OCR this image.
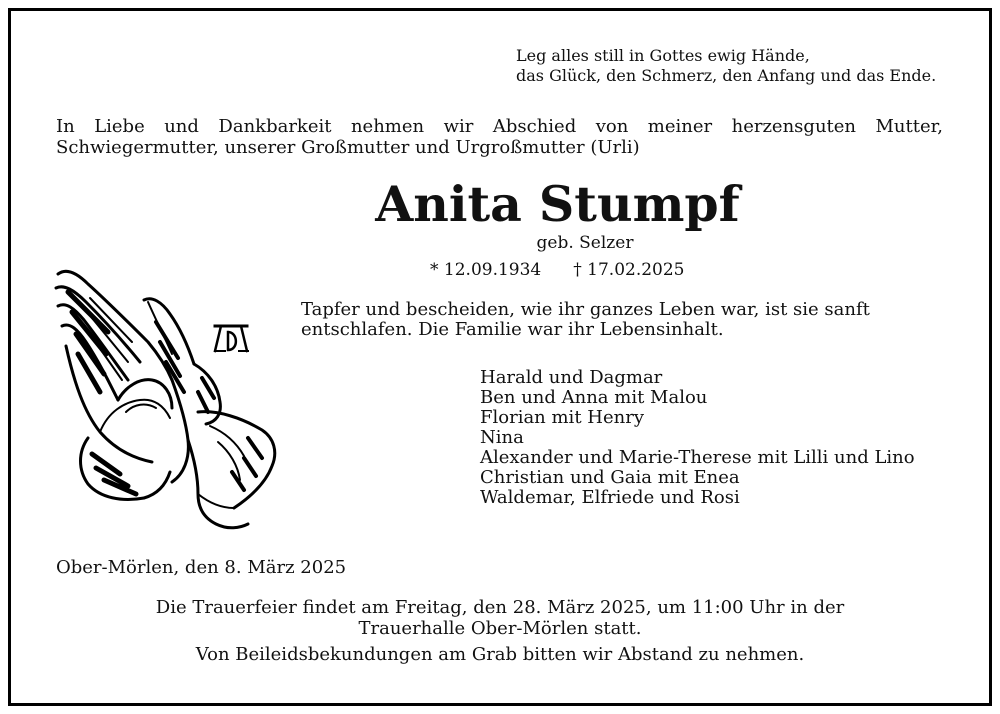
Leg alles still in Gottes ewig Hände,
das Glück, den Schmerz, den Anfang und das Ende.
In Liebe und Dankbarkeit nehmen wir Abschied von meiner herzensguten Mutter,
Schwiegermutter, unserer Großmutter und Urgroßmutter (Urli)
Anita Stumpf
geb. Selzer
* 12.09.1934 † 17.02.2025
Tapfer und bescheiden, wie ihr ganzes Leben war, ist sie sanft
entschlafen. Die Familie war ihr Lebensinhalt.
Harald und Dagmar
Ben und Anna mit Malou
Florian mit Henry
Nina
Alexander und Marie-Therese mit Lilli und Lino
Christian und Gaia mit Enea
Waldemar, Elfriede und Rosi
Ober-Mörlen, den 8. März 2025
Die Trauerfeier findet am Freitag, den 28. März 2025, um 11:00 Uhr in der
Trauerhalle Ober-Mörlen statt.
Von Beileidsbekundungen am Grab bitten wir Abstand zu nehmen.
